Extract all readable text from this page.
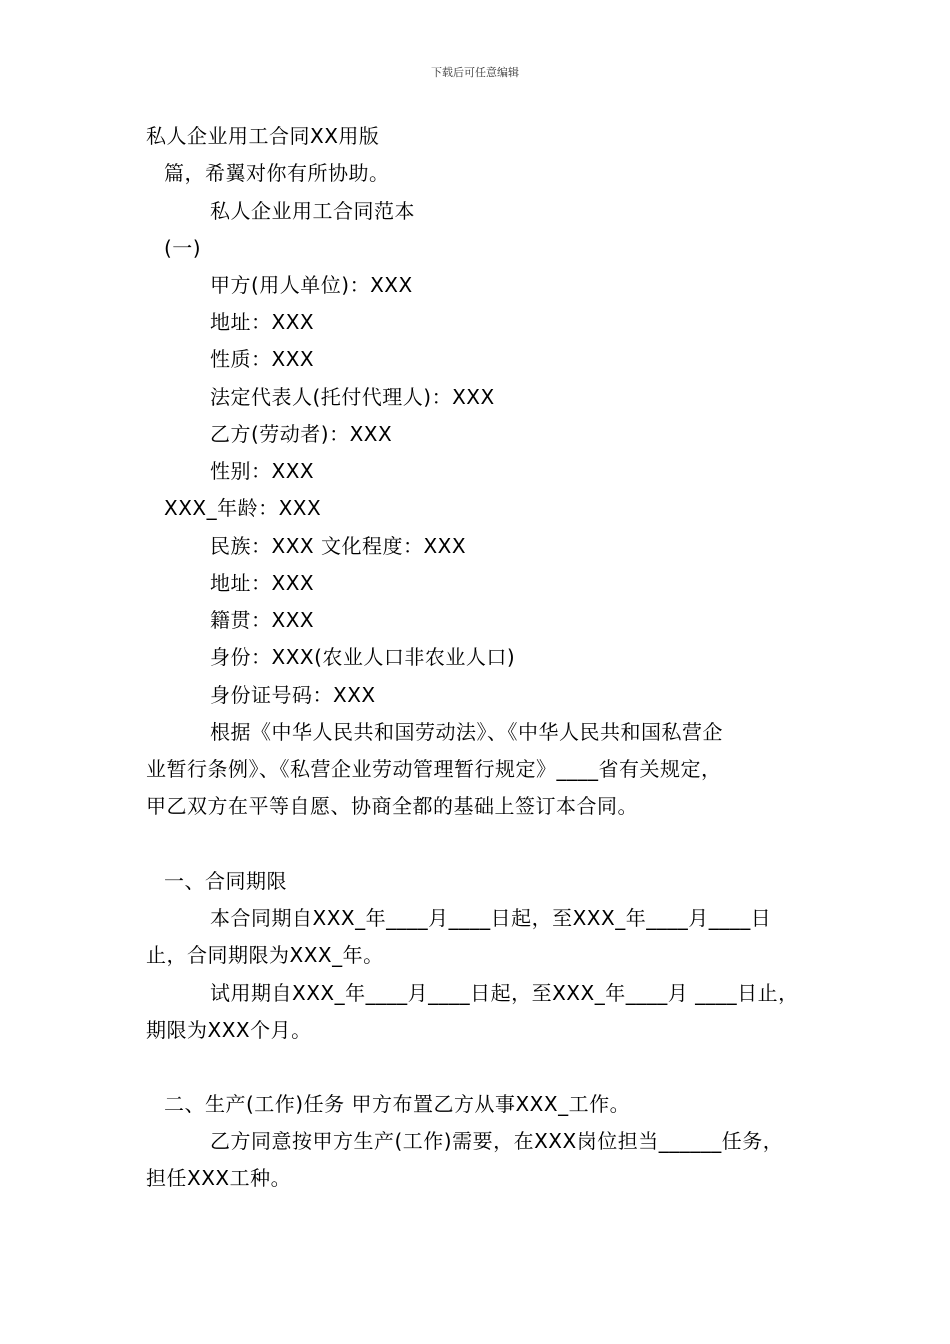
下载后可任意编辑
私人企业用工合同XX用版
篇，希翼对你有所协助。
私人企业用工合同范本
(一)
甲方(用人单位)：XXX
地址：XXX
性质：XXX
法定代表人(托付代理人)：XXX
乙方(劳动者)：XXX
性别：XXX
XXX_年龄：XXX
民族：XXX 文化程度：XXX
地址：XXX
籍贯：XXX
身份：XXX(农业人口非农业人口)
身份证号码：XXX
根据《中华人民共和国劳动法》、《中华人民共和国私营企
业暂行条例》、《私营企业劳动管理暂行规定》____省有关规定，
甲乙双方在平等自愿、协商全都的基础上签订本合同。
一、合同期限
本合同期自XXX_年____月____日起，至XXX_年____月____日
止，合同期限为XXX_年。
试用期自XXX_年____月____日起，至XXX_年____月 ____日止，
期限为XXX个月。
二、生产(工作)任务 甲方布置乙方从事XXX_工作。
乙方同意按甲方生产(工作)需要，在XXX岗位担当______任务，
担任XXX工种。
